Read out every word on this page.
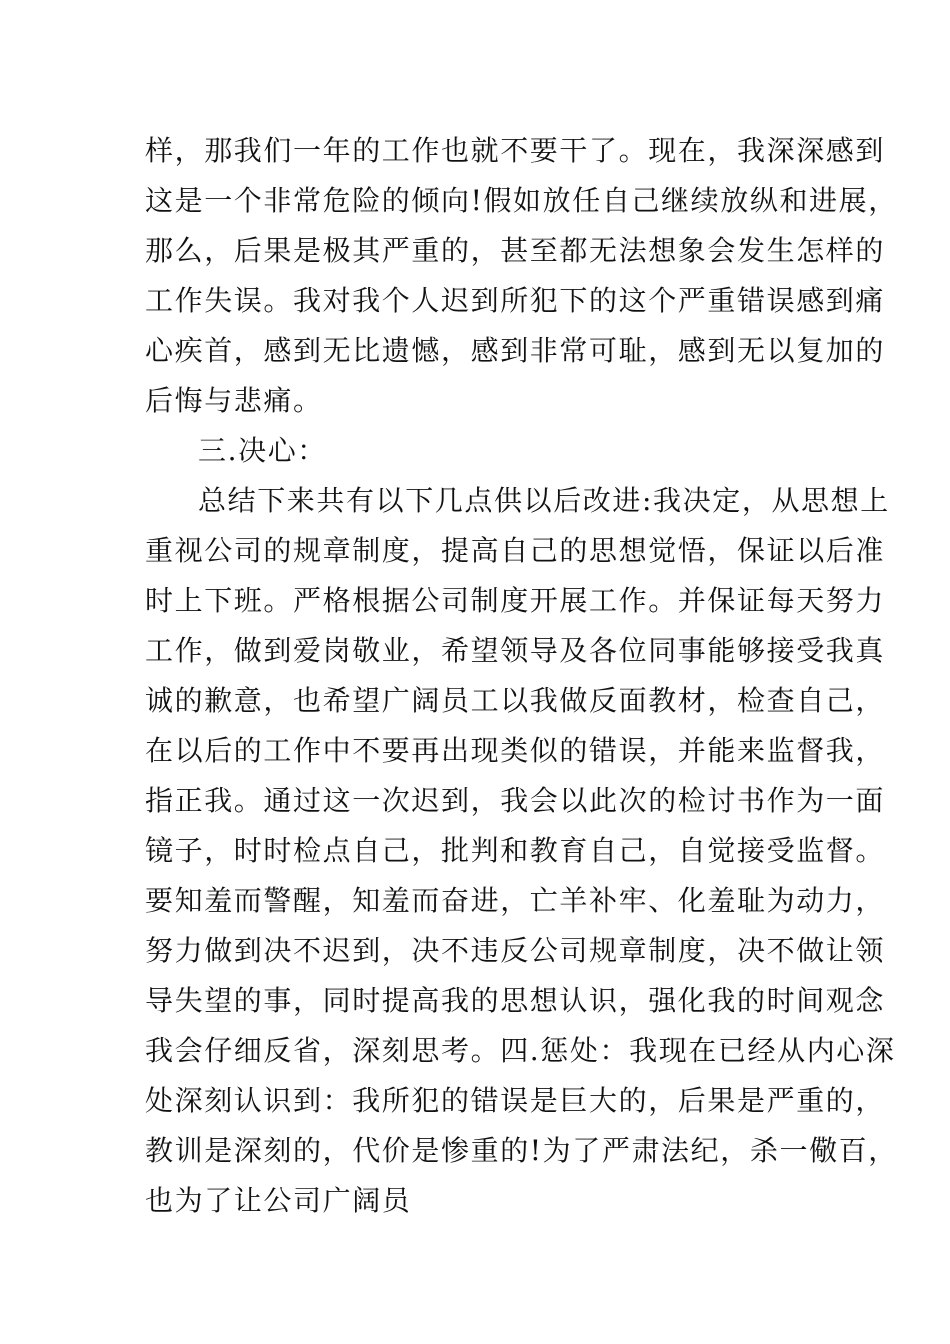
样，那我们一年的工作也就不要干了。现在，我深深感到
这是一个非常危险的倾向!假如放任自己继续放纵和进展，
那么，后果是极其严重的，甚至都无法想象会发生怎样的
工作失误。我对我个人迟到所犯下的这个严重错误感到痛
心疾首，感到无比遗憾，感到非常可耻，感到无以复加的
后悔与悲痛。
三.决心：
总结下来共有以下几点供以后改进:我决定，从思想上
重视公司的规章制度，提高自己的思想觉悟，保证以后准
时上下班。严格根据公司制度开展工作。并保证每天努力
工作，做到爱岗敬业，希望领导及各位同事能够接受我真
诚的歉意，也希望广阔员工以我做反面教材，检查自己，
在以后的工作中不要再出现类似的错误，并能来监督我，
指正我。通过这一次迟到，我会以此次的检讨书作为一面
镜子，时时检点自己，批判和教育自己，自觉接受监督。
要知羞而警醒，知羞而奋进，亡羊补牢、化羞耻为动力，
努力做到决不迟到，决不违反公司规章制度，决不做让领
导失望的事，同时提高我的思想认识，强化我的时间观念
我会仔细反省，深刻思考。四.惩处：我现在已经从内心深
处深刻认识到：我所犯的错误是巨大的，后果是严重的，
教训是深刻的，代价是惨重的!为了严肃法纪，杀一儆百，
也为了让公司广阔员
